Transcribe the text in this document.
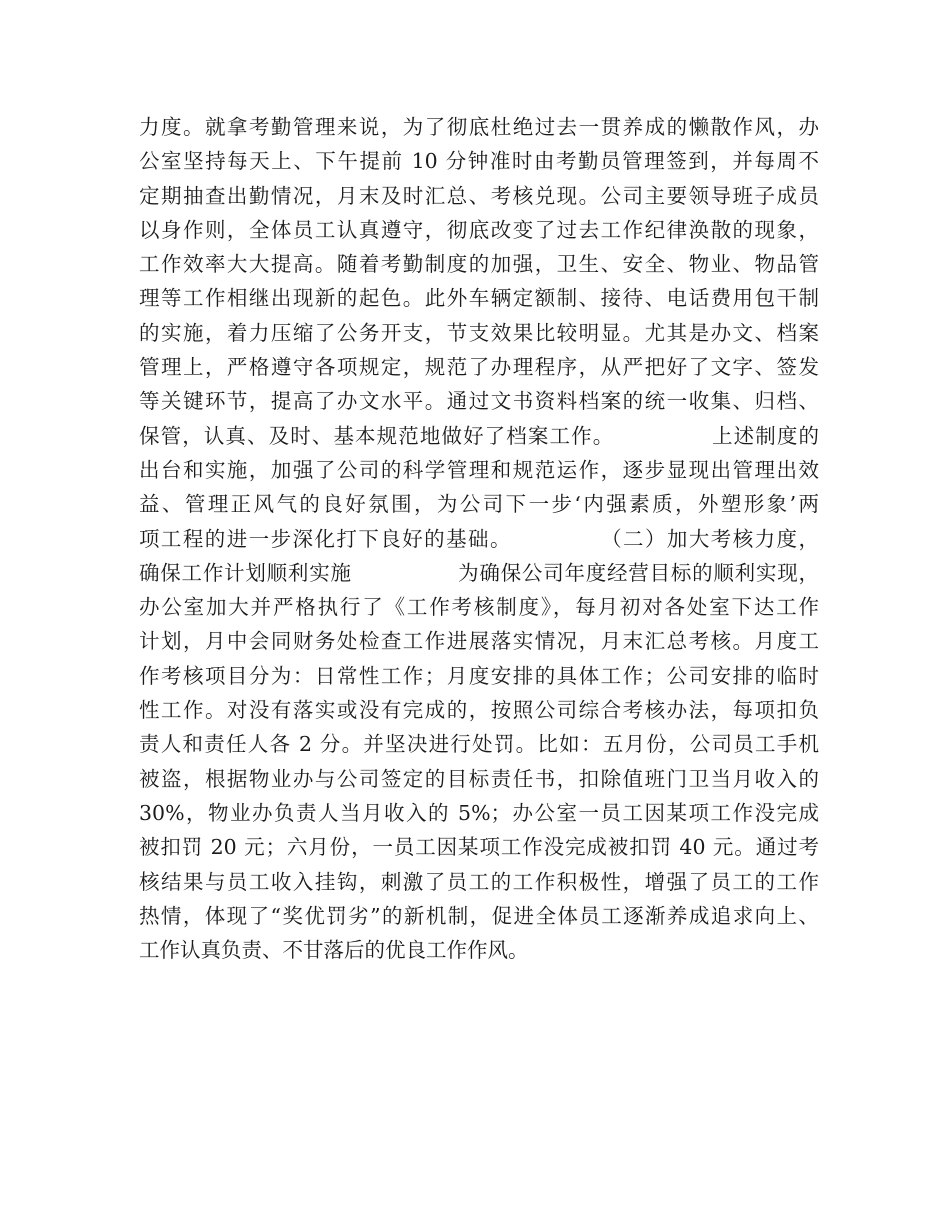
力度。就拿考勤管理来说，为了彻底杜绝过去一贯养成的懒散作风，办
公室坚持每天上、下午提前 10 分钟准时由考勤员管理签到，并每周不
定期抽查出勤情况，月末及时汇总、考核兑现。公司主要领导班子成员
以身作则，全体员工认真遵守，彻底改变了过去工作纪律涣散的现象，
工作效率大大提高。随着考勤制度的加强，卫生、安全、物业、物品管
理等工作相继出现新的起色。此外车辆定额制、接待、电话费用包干制
的实施，着力压缩了公务开支，节支效果比较明显。尤其是办文、档案
管理上，严格遵守各项规定，规范了办理程序，从严把好了文字、签发
等关键环节，提高了办文水平。通过文书资料档案的统一收集、归档、
保管，认真、及时、基本规范地做好了档案工作。　　　　　上述制度的
出台和实施，加强了公司的科学管理和规范运作，逐步显现出管理出效
益、管理正风气的良好氛围，为公司下一步‘内强素质，外塑形象’两
项工程的进一步深化打下良好的基础。　　　　　（二）加大考核力度，
确保工作计划顺利实施　　　　　为确保公司年度经营目标的顺利实现，
办公室加大并严格执行了《工作考核制度》，每月初对各处室下达工作
计划，月中会同财务处检查工作进展落实情况，月末汇总考核。月度工
作考核项目分为：日常性工作；月度安排的具体工作；公司安排的临时
性工作。对没有落实或没有完成的，按照公司综合考核办法，每项扣负
责人和责任人各 2 分。并坚决进行处罚。比如：五月份，公司员工手机
被盗，根据物业办与公司签定的目标责任书，扣除值班门卫当月收入的
30%，物业办负责人当月收入的 5%；办公室一员工因某项工作没完成
被扣罚 20 元；六月份，一员工因某项工作没完成被扣罚 40 元。通过考
核结果与员工收入挂钩，刺激了员工的工作积极性，增强了员工的工作
热情，体现了“奖优罚劣”的新机制，促进全体员工逐渐养成追求向上、
工作认真负责、不甘落后的优良工作作风。
